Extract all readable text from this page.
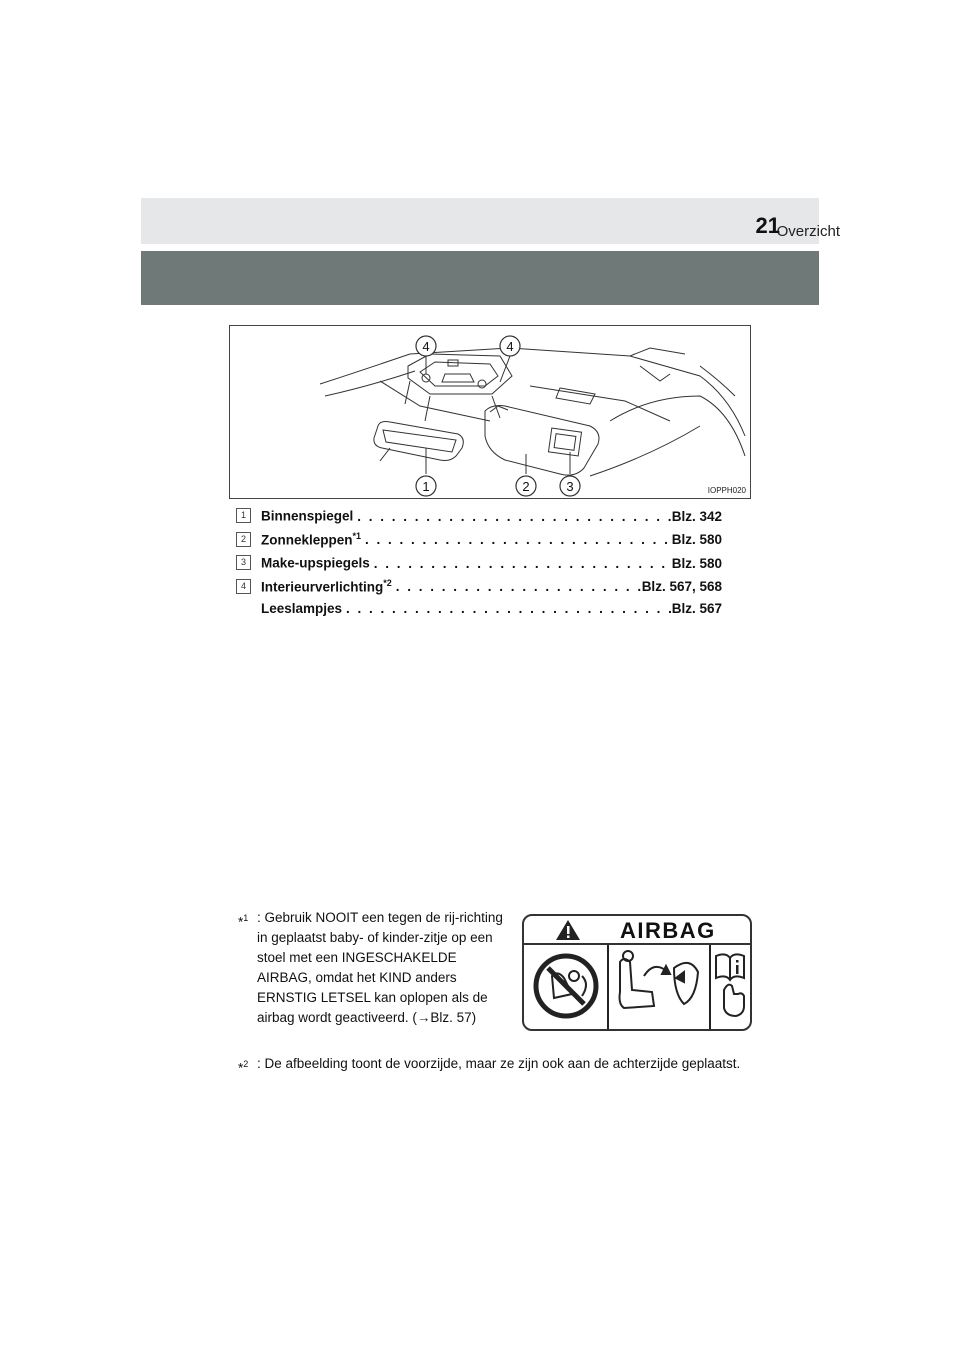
Overzicht
21
4	4
1	2	3	IOPPH020
1	Binnenspiegel . . .	Blz. 342
2	Zonnekleppen$^{*1}$ . . .	Blz. 580
3	Make-upspiegels . . .	Blz. 580
4	Interieurverlichting$^{*2}$ . . .	Blz. 567, 568
Leeslampjes . . .	Blz. 567
*$^1$ : Gebruik NOOIT een tegen de rij-richting in geplaatst baby- of kinder-zitje op een stoel met een INGESCHAKELDE AIRBAG, omdat het KIND anders ERNSTIG LETSEL kan oplopen als de airbag wordt geactiveerd. (→Blz. 57)
*$^2$ : De afbeelding toont de voorzijde, maar ze zijn ook aan de achterzijde geplaatst.
AIRBAG
